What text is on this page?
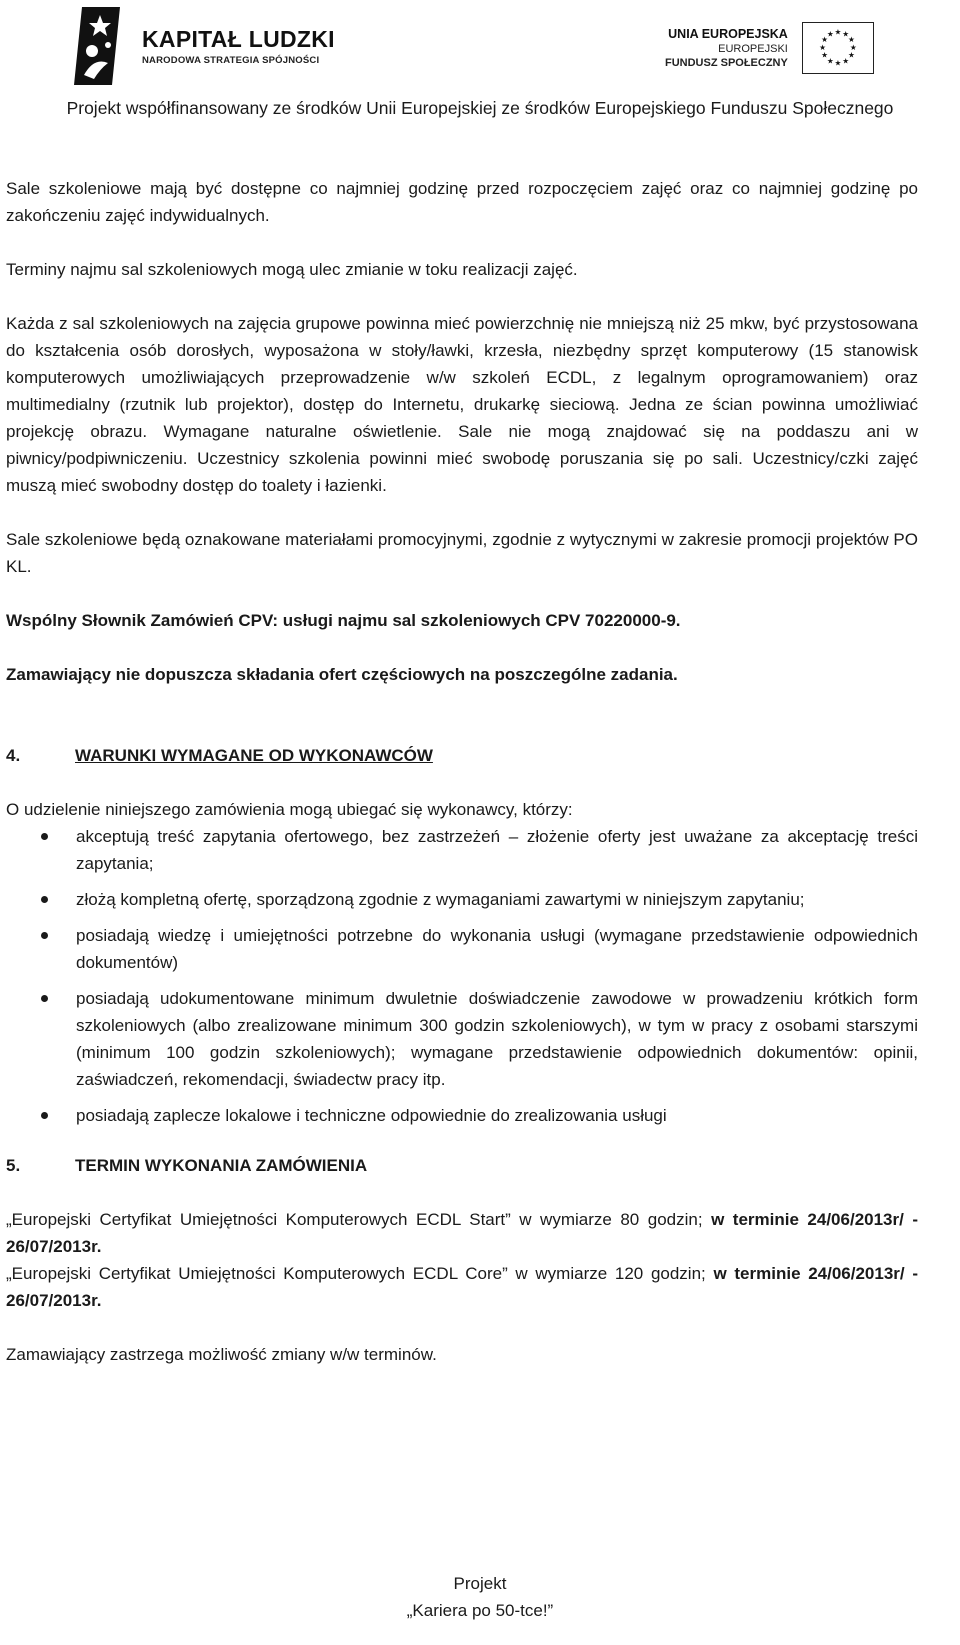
KAPITAŁ LUDZKI
NARODOWA STRATEGIA SPÓJNOŚCI
UNIA EUROPEJSKA
EUROPEJSKI
FUNDUSZ SPOŁECZNY
★ ★
★
★
★
★
★
★
★
★
★
★
Projekt współfinansowany ze środków Unii Europejskiej ze środków Europejskiego Funduszu Społecznego

Sale szkoleniowe mają być dostępne co najmniej godzinę przed rozpoczęciem zajęć oraz co najmniej godzinę po zakończeniu zajęć indywidualnych.

Terminy najmu sal szkoleniowych mogą ulec zmianie w toku realizacji zajęć.

Każda z sal szkoleniowych na zajęcia grupowe powinna mieć powierzchnię nie mniejszą niż 25 mkw, być przystosowana do kształcenia osób dorosłych, wyposażona w stoły/ławki, krzesła, niezbędny sprzęt komputerowy (15 stanowisk komputerowych umożliwiających przeprowadzenie w/w szkoleń ECDL, z legalnym oprogramowaniem) oraz multimedialny (rzutnik lub projektor), dostęp do Internetu, drukarkę sieciową. Jedna ze ścian powinna umożliwiać projekcję obrazu. Wymagane naturalne oświetlenie. Sale nie mogą znajdować się na poddaszu ani w piwnicy/podpiwniczeniu. Uczestnicy szkolenia powinni mieć swobodę poruszania się po sali. Uczestnicy/czki zajęć muszą mieć swobodny dostęp do toalety i łazienki.

Sale szkoleniowe będą oznakowane materiałami promocyjnymi, zgodnie z wytycznymi w zakresie promocji projektów PO KL.

Wspólny Słownik Zamówień CPV: usługi najmu sal szkoleniowych CPV 70220000-9.

Zamawiający nie dopuszcza składania ofert częściowych na poszczególne zadania.

4.	WARUNKI WYMAGANE OD WYKONAWCÓW

O udzielenie niniejszego zamówienia mogą ubiegać się wykonawcy, którzy:

akceptują treść zapytania ofertowego, bez zastrzeżeń – złożenie oferty jest uważane za akceptację treści zapytania;
złożą kompletną ofertę, sporządzoną zgodnie z wymaganiami zawartymi w niniejszym zapytaniu;
posiadają wiedzę i umiejętności potrzebne do wykonania usługi (wymagane przedstawienie odpowiednich dokumentów)
posiadają udokumentowane minimum dwuletnie doświadczenie zawodowe w prowadzeniu krótkich form szkoleniowych (albo zrealizowane minimum 300 godzin szkoleniowych), w tym w pracy z osobami starszymi (minimum 100 godzin szkoleniowych); wymagane przedstawienie odpowiednich dokumentów: opinii, zaświadczeń, rekomendacji, świadectw pracy itp.
posiadają zaplecze lokalowe i techniczne odpowiednie do zrealizowania usługi
5.	TERMIN WYKONANIA ZAMÓWIENIA

„Europejski Certyfikat Umiejętności Komputerowych ECDL Start” w wymiarze 80 godzin; w terminie 24/06/2013r/ - 26/07/2013r.

„Europejski Certyfikat Umiejętności Komputerowych ECDL Core” w wymiarze 120 godzin; w terminie 24/06/2013r/ - 26/07/2013r.

Zamawiający zastrzega możliwość zmiany w/w terminów.

Projekt
„Kariera po 50-tce!”
